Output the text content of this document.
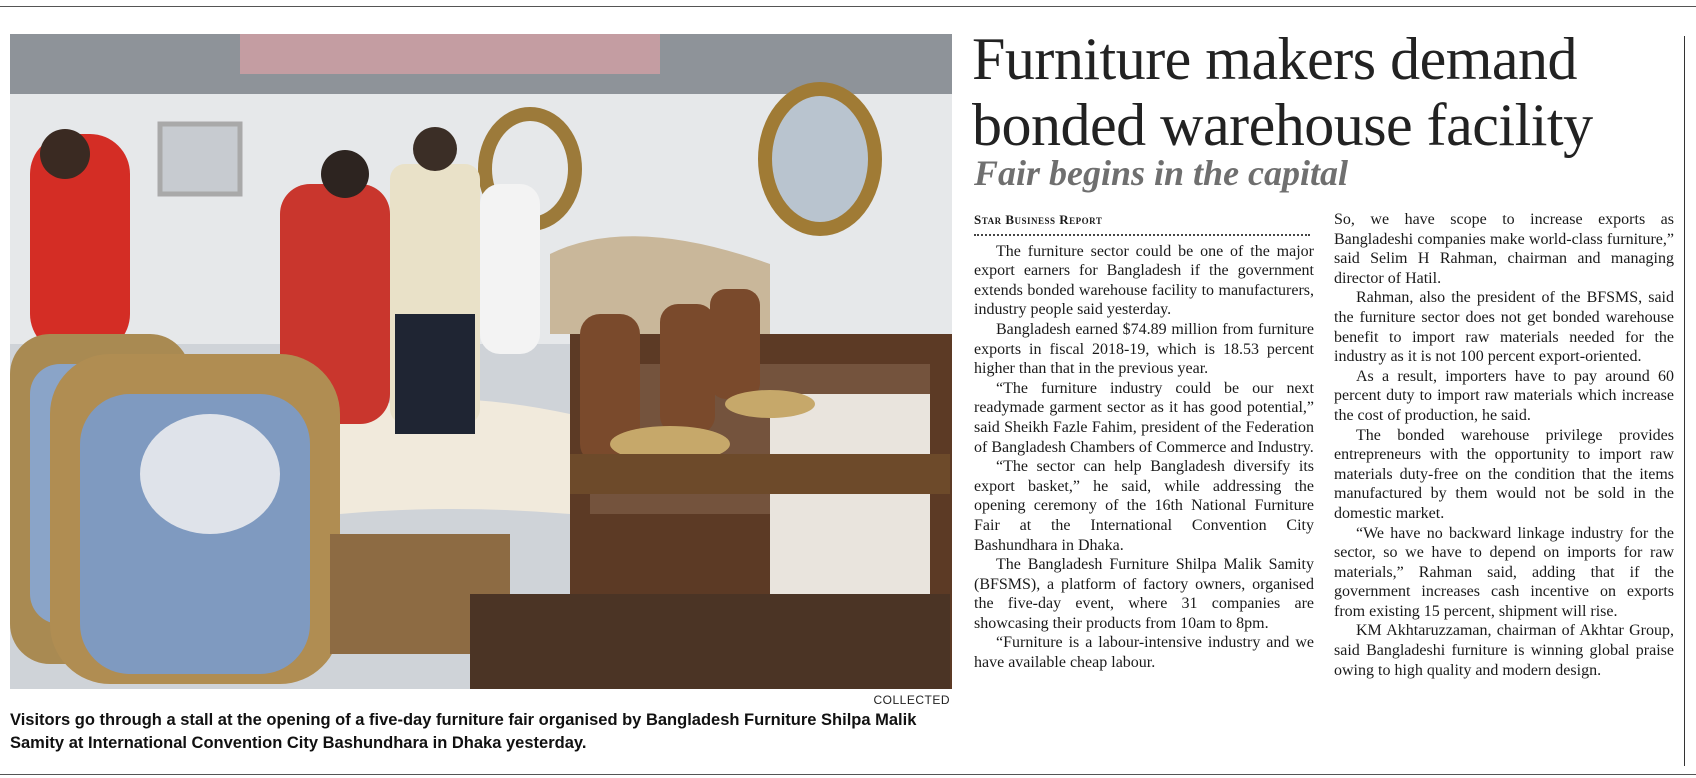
COLLECTED
Visitors go through a stall at the opening of a five-day furniture fair organised by Bangladesh Furniture Shilpa Malik Samity at International Convention City Bashundhara in Dhaka yesterday.
Furniture makers demand
bonded warehouse facility
Fair begins in the capital
Star Business Report

The furniture sector could be one of the major export earners for Bangladesh if the government extends bonded warehouse facility to manufacturers, industry people said yesterday.

Bangladesh earned $74.89 million from furniture exports in fiscal 2018-19, which is 18.53 percent higher than that in the previous year.

“The furniture industry could be our next readymade garment sector as it has good potential,” said Sheikh Fazle Fahim, president of the Federation of Bangladesh Chambers of Commerce and Industry.

“The sector can help Bangladesh diversify its export basket,” he said, while addressing the opening ceremony of the 16th National Furniture Fair at the International Convention City Bashundhara in Dhaka.

The Bangladesh Furniture Shilpa Malik Samity (BFSMS), a platform of factory owners, organised the five-day event, where 31 companies are showcasing their products from 10am to 8pm.

“Furniture is a labour-intensive industry and we have available cheap labour.

So, we have scope to increase exports as Bangladeshi companies make world-class furniture,” said Selim H Rahman, chairman and managing director of Hatil.

Rahman, also the president of the BFSMS, said the furniture sector does not get bonded warehouse benefit to import raw materials needed for the industry as it is not 100 percent export-oriented.

As a result, importers have to pay around 60 percent duty to import raw materials which increase the cost of production, he said.

The bonded warehouse privilege provides entrepreneurs with the opportunity to import raw materials duty-free on the condition that the items manufactured by them would not be sold in the domestic market.

“We have no backward linkage industry for the sector, so we have to depend on imports for raw materials,” Rahman said, adding that if the government increases cash incentive on exports from existing 15 percent, shipment will rise.

KM Akhtaruzzaman, chairman of Akhtar Group, said Bangladeshi furniture is winning global praise owing to high quality and modern design.
